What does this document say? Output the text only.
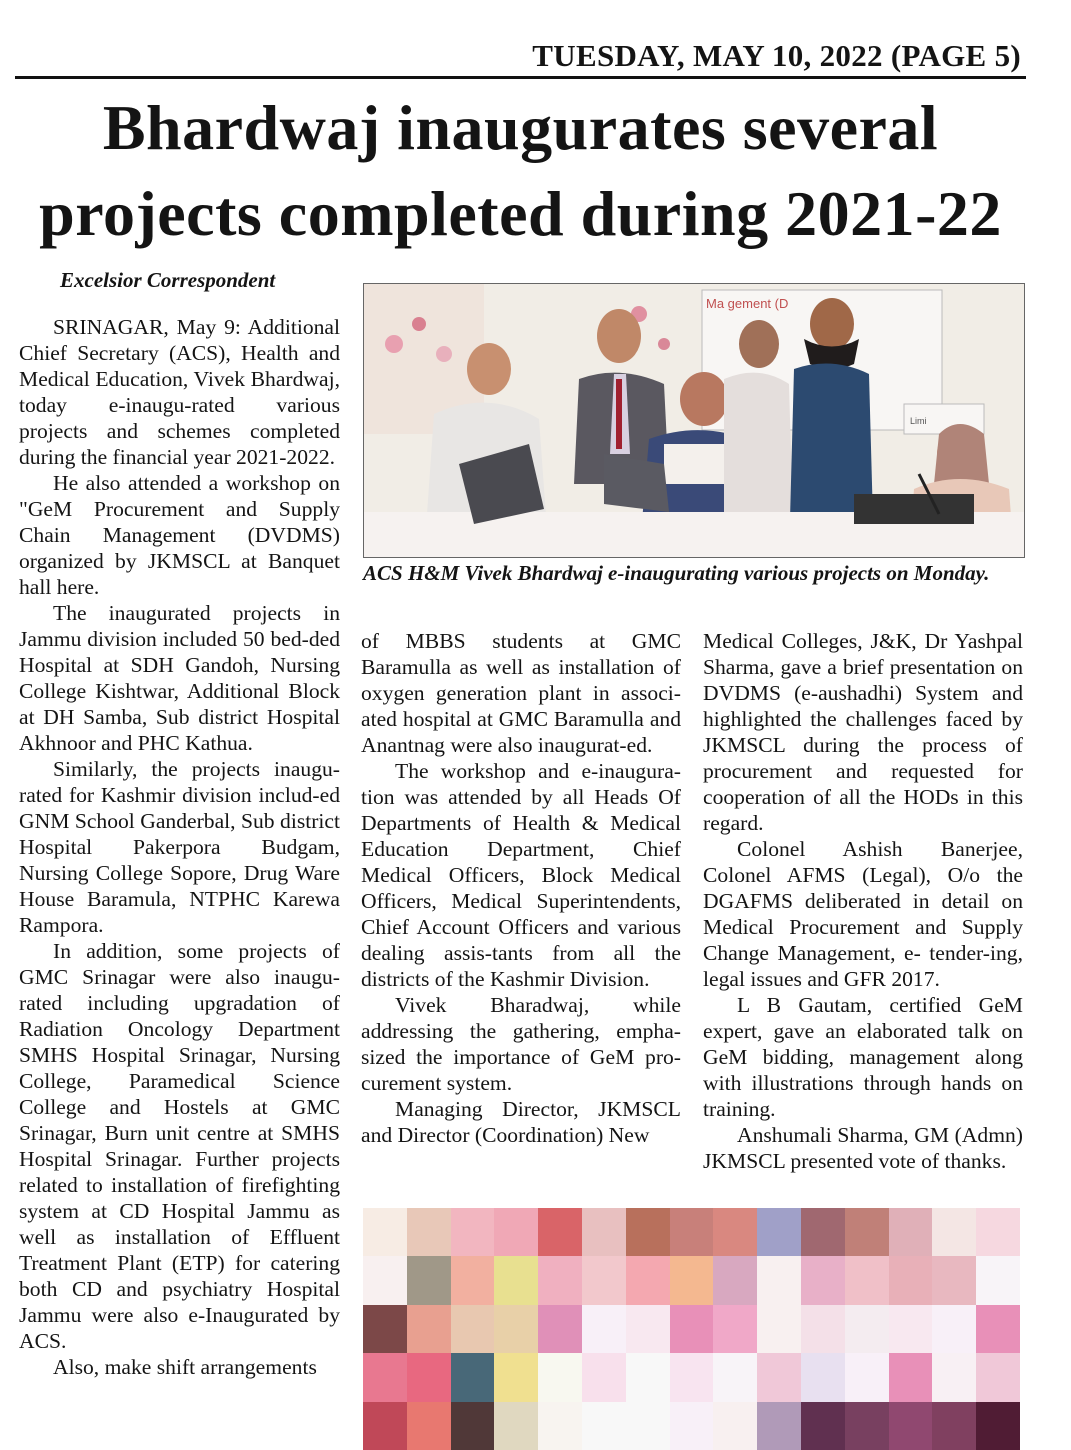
TUESDAY, MAY 10, 2022 (PAGE 5)
Bhardwaj inaugurates several
projects completed during 2021-22
Excelsior Correspondent
Ma gement (D
Limi
ACS H&M Vivek Bhardwaj e-inaugurating various projects on Monday.

SRINAGAR, May 9: Additional Chief Secretary (ACS), Health and Medical Education, Vivek Bhardwaj, today e-inaugu-rated various projects and schemes completed during the financial year 2021-2022.

He also attended a workshop on "GeM Procurement and Supply Chain Management (DVDMS) organized by JKMSCL at Banquet hall here.

The inaugurated projects in Jammu division included 50 bed-ded Hospital at SDH Gandoh, Nursing College Kishtwar, Additional Block at DH Samba, Sub district Hospital Akhnoor and PHC Kathua.

Similarly, the projects inaugu-rated for Kashmir division includ-ed GNM School Ganderbal, Sub district Hospital Pakerpora Budgam, Nursing College Sopore, Drug Ware House Baramula, NTPHC Karewa Rampora.

In addition, some projects of GMC Srinagar were also inaugu-rated including upgradation of Radiation Oncology Department SMHS Hospital Srinagar, Nursing College, Paramedical Science College and Hostels at GMC Srinagar, Burn unit centre at SMHS Hospital Srinagar. Further projects related to installation of firefighting system at CD Hospital Jammu as well as installation of Effluent Treatment Plant (ETP) for catering both CD and psychiatry Hospital Jammu were also e-Inaugurated by ACS.

Also, make shift arrangements

of MBBS students at GMC Baramulla as well as installation of oxygen generation plant in associ-ated hospital at GMC Baramulla and Anantnag were also inaugurat-ed.

The workshop and e-inaugura-tion was attended by all Heads Of Departments of Health & Medical Education Department, Chief Medical Officers, Block Medical Officers, Medical Superintendents, Chief Account Officers and various dealing assis-tants from all the districts of the Kashmir Division.

Vivek Bharadwaj, while addressing the gathering, empha-sized the importance of GeM pro-curement system.

Managing Director, JKMSCL and Director (Coordination) New

Medical Colleges, J&K, Dr Yashpal Sharma, gave a brief presentation on DVDMS (e-aushadhi) System and highlighted the challenges faced by JKMSCL during the process of procurement and requested for cooperation of all the HODs in this regard.

Colonel Ashish Banerjee, Colonel AFMS (Legal), O/o the DGAFMS deliberated in detail on Medical Procurement and Supply Change Management, e- tender-ing, legal issues and GFR 2017.

L B Gautam, certified GeM expert, gave an elaborated talk on GeM bidding, management along with illustrations through hands on training.

Anshumali Sharma, GM (Admn) JKMSCL presented vote of thanks.
